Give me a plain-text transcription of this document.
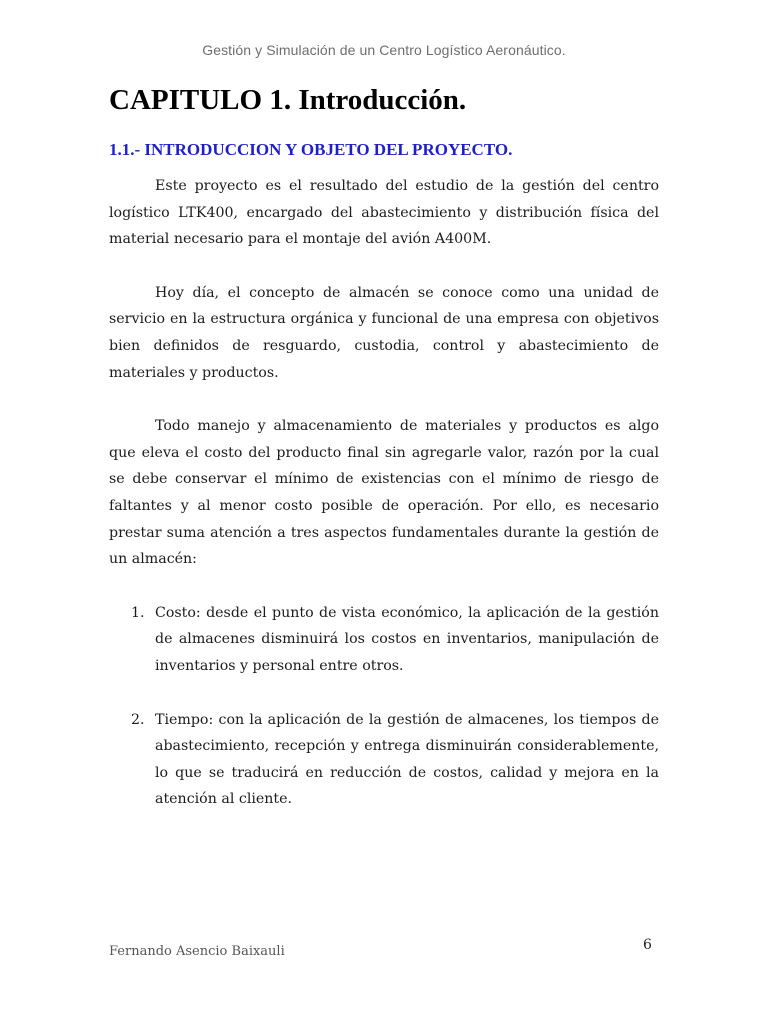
Gestión y Simulación de un Centro Logístico Aeronáutico.
CAPITULO 1. Introducción.
1.1.- INTRODUCCION Y OBJETO DEL PROYECTO.

Este proyecto es el resultado del estudio de la gestión del centro logístico LTK400, encargado del abastecimiento y distribución física del material necesario para el montaje del avión A400M.

Hoy día, el concepto de almacén se conoce como una unidad de servicio en la estructura orgánica y funcional de una empresa con objetivos bien definidos de resguardo, custodia, control y abastecimiento de materiales y productos.

Todo manejo y almacenamiento de materiales y productos es algo que eleva el costo del producto final sin agregarle valor, razón por la cual se debe conservar el mínimo de existencias con el mínimo de riesgo de faltantes y al menor costo posible de operación. Por ello, es necesario prestar suma atención a tres aspectos fundamentales durante la gestión de un almacén:

1. Costo: desde el punto de vista económico, la aplicación de la gestión de almacenes disminuirá los costos en inventarios, manipulación de inventarios y personal entre otros.
2. Tiempo: con la aplicación de la gestión de almacenes, los tiempos de abastecimiento, recepción y entrega disminuirán considerablemente, lo que se traducirá en reducción de costos, calidad y mejora en la atención al cliente.
Fernando Asencio Baixauli	6
